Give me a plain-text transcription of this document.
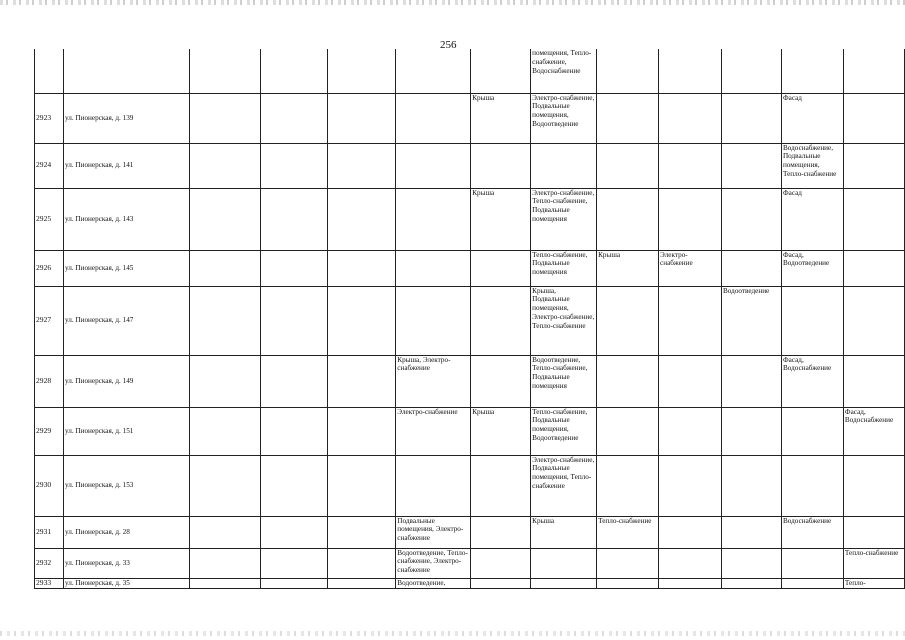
256
							помещения, Тепло-снабжение, Водоснабжение					
2923	ул. Пионерская, д. 139					Крыша	Электро-снабжение, Подвальные помещения, Водоотведение				Фасад	
2924	ул. Пионерская, д. 141										Водоснабжение, Подвальные помещения, Тепло-снабжение	
2925	ул. Пионерская, д. 143					Крыша	Электро-снабжение, Тепло-снабжение, Подвальные помещения				Фасад	
2926	ул. Пионерская, д. 145						Тепло-снабжение, Подвальные помещения	Крыша	Электро-снабжение		Фасад, Водоотведение	
2927	ул. Пионерская, д. 147						Крыша, Подвальные помещения, Электро-снабжение, Тепло-снабжение			Водоотведение		
2928	ул. Пионерская, д. 149				Крыша, Электро-снабжение		Водоотведение, Тепло-снабжение, Подвальные помещения				Фасад, Водоснабжение	
2929	ул. Пионерская, д. 151				Электро-снабжение	Крыша	Тепло-снабжение, Подвальные помещения, Водоотведение					Фасад, Водоснабжение
2930	ул. Пионерская, д. 153						Электро-снабжение, Подвальные помещения, Тепло-снабжение					
2931	ул. Пионерская, д. 28				Подвальные помещения, Электро-снабжение		Крыша	Тепло-снабжение			Водоснабжение	
2932	ул. Пионерская, д. 33				Водоотведение, Тепло-снабжение, Электро-снабжение							Тепло-снабжение
2933	ул. Пионерская, д. 35				Водоотведение,							Тепло-
